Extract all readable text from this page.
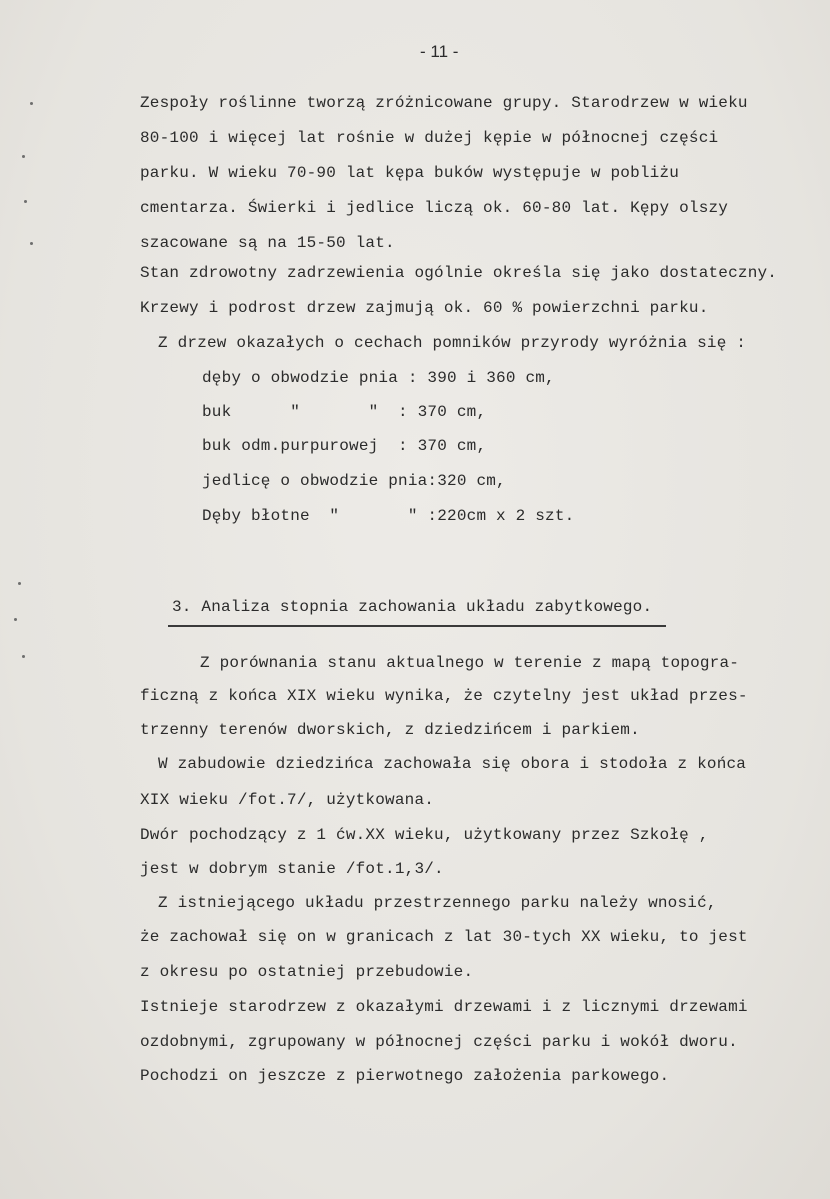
- 11 -
Zespoły roślinne tworzą zróżnicowane grupy. Starodrzew w wieku
80-100 i więcej lat rośnie w dużej kępie w północnej części
parku. W wieku 70-90 lat kępa buków występuje w pobliżu
cmentarza. Świerki i jedlice liczą ok. 60-80 lat. Kępy olszy
szacowane są na 15-50 lat.
Stan zdrowotny zadrzewienia ogólnie określa się jako dostateczny.
Krzewy i podrost drzew zajmują ok. 60 % powierzchni parku.
Z drzew okazałych o cechach pomników przyrody wyróżnia się :
dęby o obwodzie pnia : 390 i 360 cm,
buk      "       "  : 370 cm,
buk odm.purpurowej  : 370 cm,
jedlicę o obwodzie pnia:320 cm,
Dęby błotne  "       " :220cm x 2 szt.
3. Analiza stopnia zachowania układu zabytkowego.
Z porównania stanu aktualnego w terenie z mapą topogra-
ficzną z końca XIX wieku wynika, że czytelny jest układ przes-
trzenny terenów dworskich, z dziedzińcem i parkiem.
W zabudowie dziedzińca zachowała się obora i stodoła z końca
XIX wieku /fot.7/, użytkowana.
Dwór pochodzący z 1 ćw.XX wieku, użytkowany przez Szkołę ,
jest w dobrym stanie /fot.1,3/.
Z istniejącego układu przestrzennego parku należy wnosić,
że zachował się on w granicach z lat 30-tych XX wieku, to jest
z okresu po ostatniej przebudowie.
Istnieje starodrzew z okazałymi drzewami i z licznymi drzewami
ozdobnymi, zgrupowany w północnej części parku i wokół dworu.
Pochodzi on jeszcze z pierwotnego założenia parkowego.
